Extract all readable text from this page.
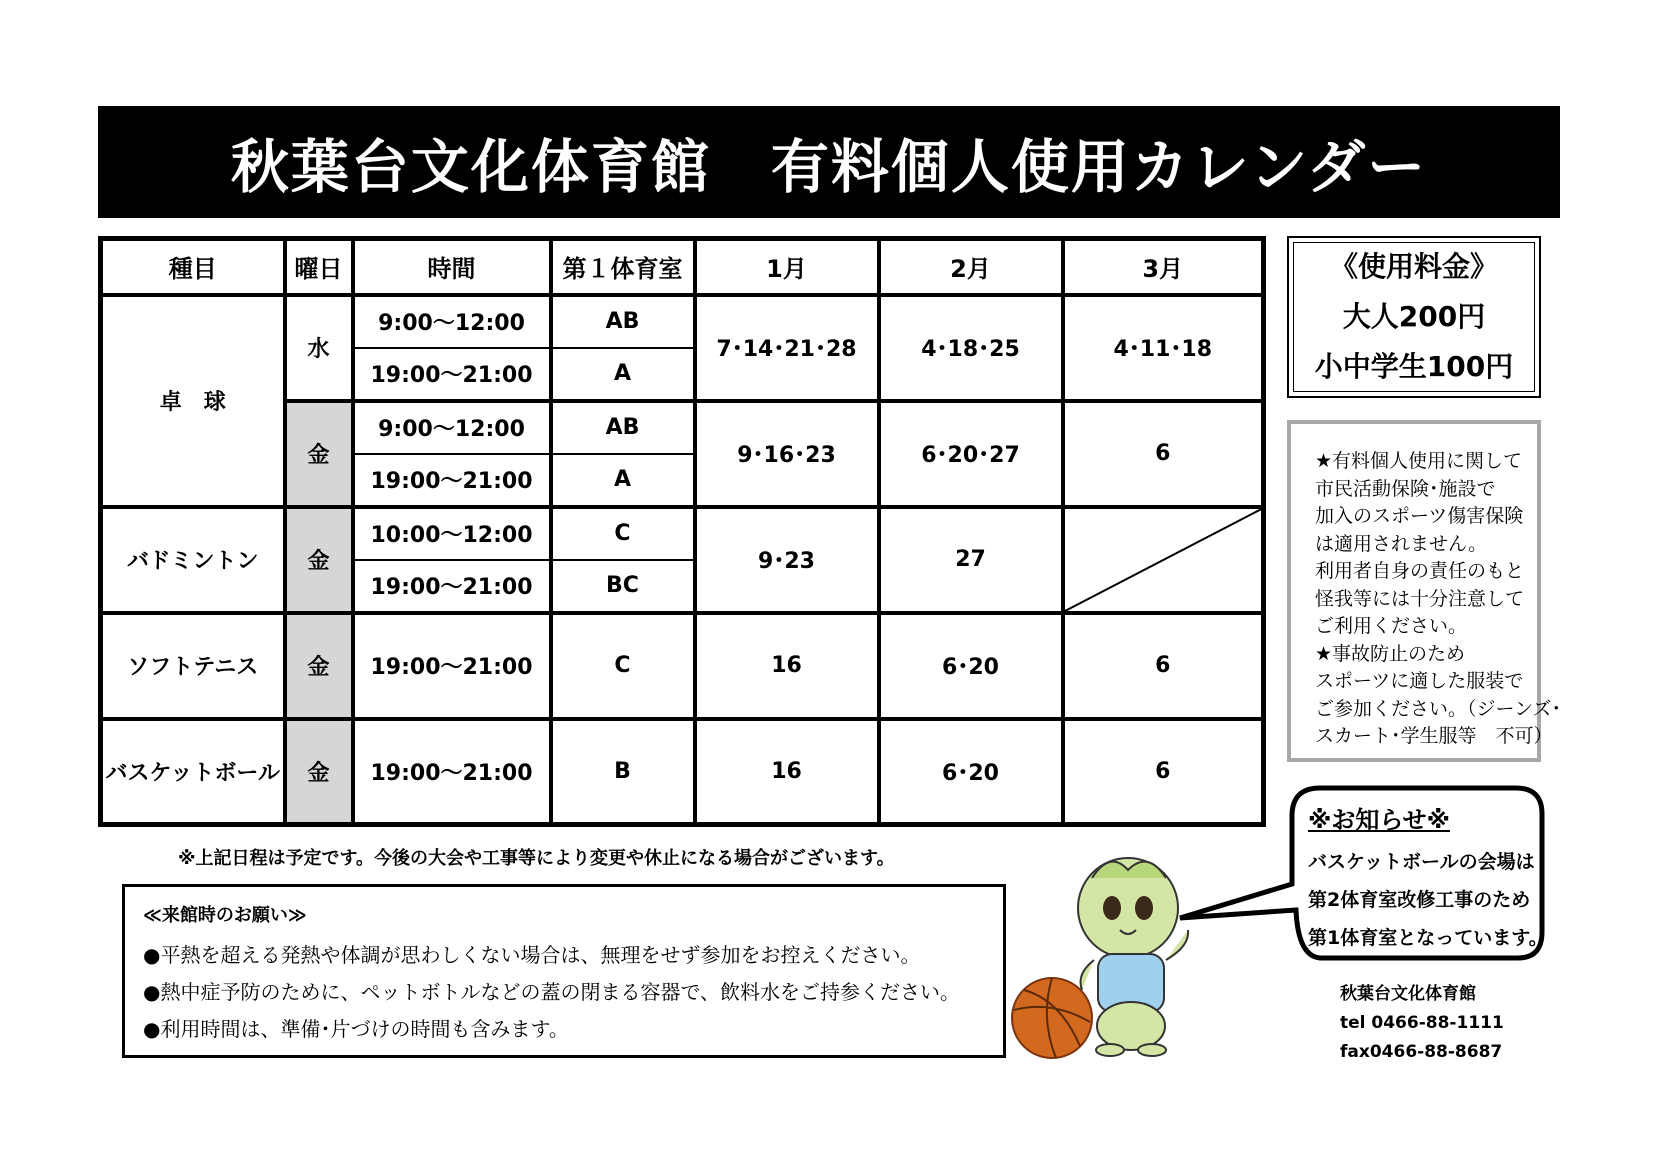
秋葉台文化体育館　有料個人使用カレンダー
種目	曜日	時間	第１体育室	1月	2月	3月
卓　球	水	9:00～12:00	AB	7･14･21･28	4･18･25	4･11･18
		19:00～21:00	A			
	金	9:00～12:00	AB	9･16･23	6･20･27	6
		19:00～21:00	A			
バドミントン	金	10:00～12:00	C	9･23	27	

		19:00～21:00	BC			
ソフトテニス	金	19:00～21:00	C	16	6･20	6
バスケットボール	金	19:00～21:00	B	16	6･20	6
《使用料金》
大人200円
小中学生100円
★有料個人使用に関して
市民活動保険･施設で
加入のスポーツ傷害保険
は適用されません。
利用者自身の責任のもと
怪我等には十分注意して
ご利用ください。
★事故防止のため
スポーツに適した服装で
ご参加ください。（ジーンズ･
スカート･学生服等　不可）
※上記日程は予定です。今後の大会や工事等により変更や休止になる場合がございます。
≪来館時のお願い≫
●平熱を超える発熱や体調が思わしくない場合は、無理をせず参加をお控えください。
●熱中症予防のために、ペットボトルなどの蓋の閉まる容器で、飲料水をご持参ください。
●利用時間は、準備･片づけの時間も含みます。
※お知らせ※
バスケットボールの会場は
第2体育室改修工事のため
第1体育室となっています。
秋葉台文化体育館
tel 0466-88-1111
fax0466-88-8687
